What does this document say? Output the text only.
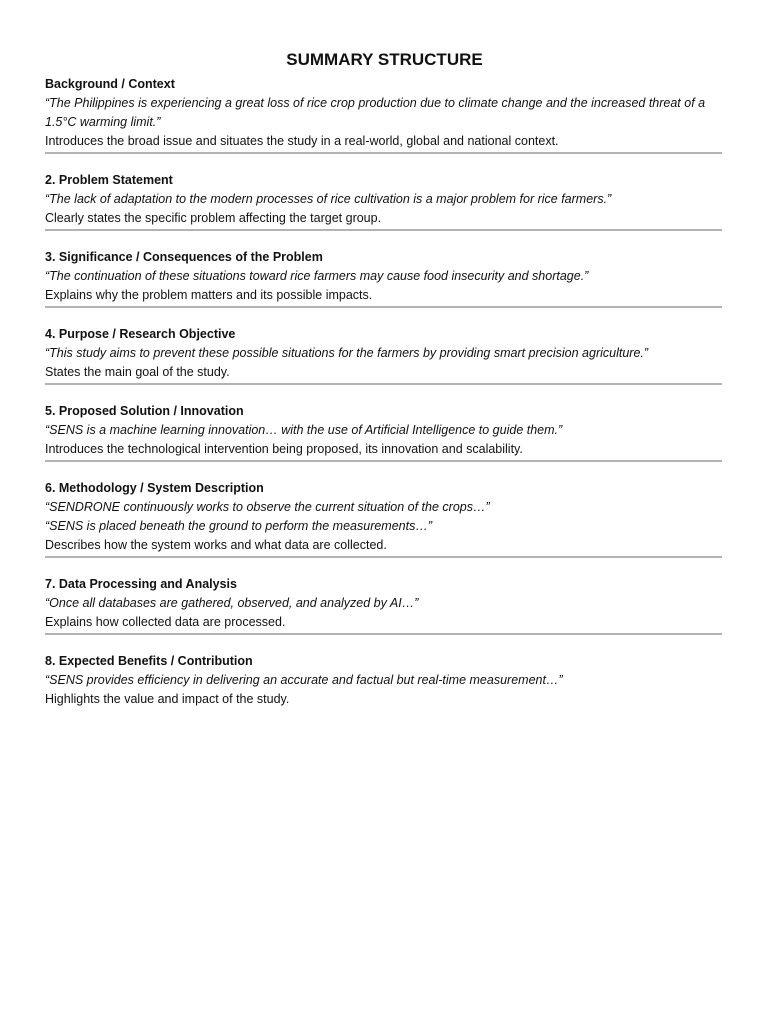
SUMMARY STRUCTURE
Background / Context
“The Philippines is experiencing a great loss of rice crop production due to climate change and the increased threat of a 1.5°C warming limit.”
Introduces the broad issue and situates the study in a real-world, global and national context.
2. Problem Statement
“The lack of adaptation to the modern processes of rice cultivation is a major problem for rice farmers.”
Clearly states the specific problem affecting the target group.
3. Significance / Consequences of the Problem
“The continuation of these situations toward rice farmers may cause food insecurity and shortage.”
Explains why the problem matters and its possible impacts.
4. Purpose / Research Objective
“This study aims to prevent these possible situations for the farmers by providing smart precision agriculture.”
States the main goal of the study.
5. Proposed Solution / Innovation
“SENS is a machine learning innovation… with the use of Artificial Intelligence to guide them.”
Introduces the technological intervention being proposed, its innovation and scalability.
6. Methodology / System Description
“SENDRONE continuously works to observe the current situation of the crops…”
“SENS is placed beneath the ground to perform the measurements…”
Describes how the system works and what data are collected.
7. Data Processing and Analysis
“Once all databases are gathered, observed, and analyzed by AI…”
Explains how collected data are processed.
8. Expected Benefits / Contribution
“SENS provides efficiency in delivering an accurate and factual but real-time measurement…”
Highlights the value and impact of the study.
